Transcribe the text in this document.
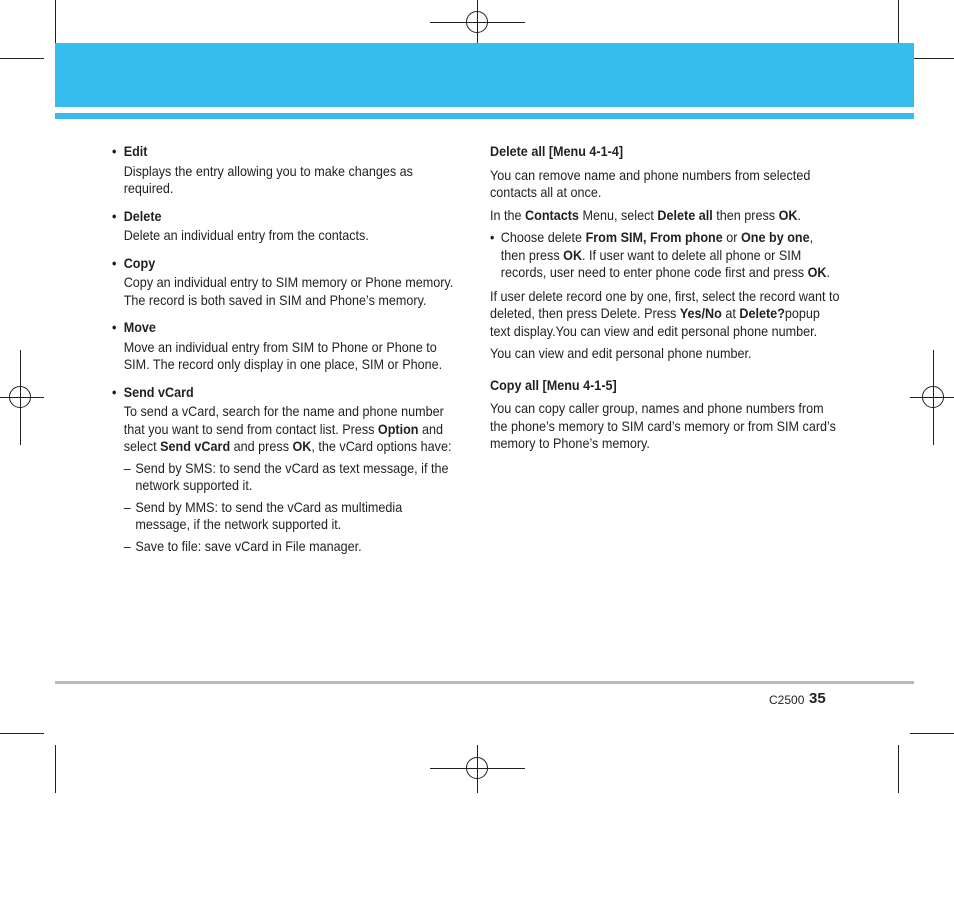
• Edit

Displays the entry allowing you to make changes as required.

• Delete

Delete an individual entry from the contacts.

• Copy

Copy an individual entry to SIM memory or Phone memory. The record is both saved in SIM and Phone’s memory.

• Move

Move an individual entry from SIM to Phone or Phone to SIM. The record only display in one place, SIM or Phone.

• Send vCard

To send a vCard, search for the name and phone number that you want to send from contact list. Press Option and select Send vCard and press OK, the vCard options have:

– Send by SMS: to send the vCard as text message, if the network supported it.

– Send by MMS: to send the vCard as multimedia message, if the network supported it.

– Save to file: save vCard in File manager.

Delete all [Menu 4-1-4]

You can remove name and phone numbers from selected contacts all at once.

In the Contacts Menu, select Delete all then press OK.

• Choose delete From SIM, From phone or One by one, then press OK. If user want to delete all phone or SIM records, user need to enter phone code first and press OK.

If user delete record one by one, first, select the record want to deleted, then press Delete. Press Yes/No at Delete?popup text display.You can view and edit personal phone number.

You can view and edit personal phone number.

Copy all [Menu 4-1-5]

You can copy caller group, names and phone numbers from the phone’s memory to SIM card’s memory or from SIM card’s memory to Phone’s memory.

C2500 35
